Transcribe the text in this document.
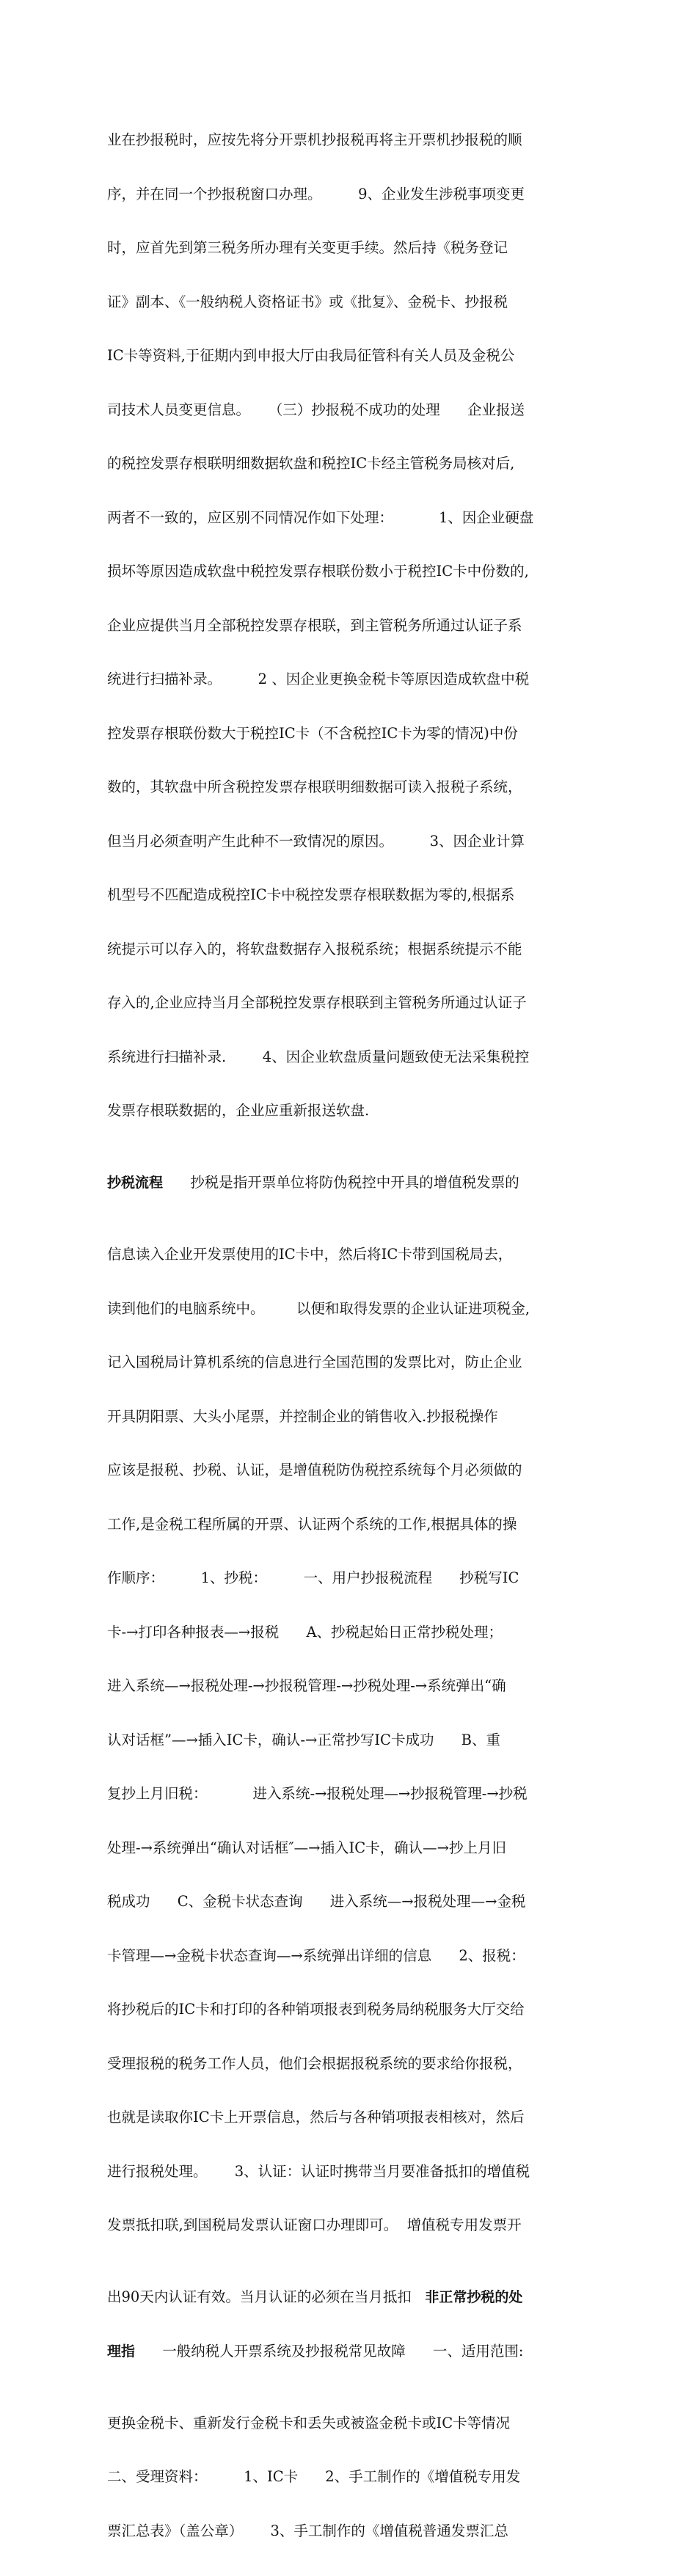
业在抄报税时，应按先将分开票机抄报税再将主开票机抄报税的顺

序，并在同一个抄报税窗口办理。        9、企业发生涉税事项变更

时，应首先到第三税务所办理有关变更手续。然后持《税务登记

证》副本、《一般纳税人资格证书》或《批复》、金税卡、抄报税

IC卡等资料,于征期内到申报大厅由我局征管科有关人员及金税公

司技术人员变更信息。    （三）抄报税不成功的处理      企业报送

的税控发票存根联明细数据软盘和税控IC卡经主管税务局核对后,

两者不一致的，应区别不同情况作如下处理：          1、因企业硬盘

损坏等原因造成软盘中税控发票存根联份数小于税控IC卡中份数的,

企业应提供当月全部税控发票存根联，到主管税务所通过认证子系

统进行扫描补录。        2 、因企业更换金税卡等原因造成软盘中税

控发票存根联份数大于税控IC卡（不含税控IC卡为零的情况)中份

数的，其软盘中所含税控发票存根联明细数据可读入报税子系统，

但当月必须查明产生此种不一致情况的原因。        3、因企业计算

机型号不匹配造成税控IC卡中税控发票存根联数据为零的,根据系

统提示可以存入的，将软盘数据存入报税系统；根据系统提示不能

存入的,企业应持当月全部税控发票存根联到主管税务所通过认证子

系统进行扫描补录.        4、因企业软盘质量问题致使无法采集税控

发票存根联数据的，企业应重新报送软盘.

抄税流程      抄税是指开票单位将防伪税控中开具的增值税发票的

信息读入企业开发票使用的IC卡中，然后将IC卡带到国税局去，

读到他们的电脑系统中。       以便和取得发票的企业认证进项税金,

记入国税局计算机系统的信息进行全国范围的发票比对，防止企业

开具阴阳票、大头小尾票，并控制企业的销售收入.抄报税操作

应该是报税、抄税、认证，是增值税防伪税控系统每个月必须做的

工作,是金税工程所属的开票、认证两个系统的工作,根据具体的操

作顺序：        1、抄税：        一、用户抄报税流程      抄税写IC

卡-→打印各种报表—→报税      A、抄税起始日正常抄税处理；

进入系统—→报税处理-→抄报税管理-→抄税处理-→系统弹出“确

认对话框”—→插入IC卡，确认-→正常抄写IC卡成功      B、重

复抄上月旧税：          进入系统-→报税处理—→抄报税管理-→抄税

处理-→系统弹出“确认对话框″—→插入IC卡，确认—→抄上月旧

税成功      C、金税卡状态查询      进入系统—→报税处理—→金税

卡管理—→金税卡状态查询—→系统弹出详细的信息      2、报税：

将抄税后的IC卡和打印的各种销项报表到税务局纳税服务大厅交给

受理报税的税务工作人员，他们会根据报税系统的要求给你报税，

也就是读取你IC卡上开票信息，然后与各种销项报表相核对，然后

进行报税处理。      3、认证：认证时携带当月要准备抵扣的增值税

发票抵扣联,到国税局发票认证窗口办理即可。  增值税专用发票开

出90天内认证有效。当月认证的必须在当月抵扣   非正常抄税的处

理指      一般纳税人开票系统及抄报税常见故障      一、适用范围:

更换金税卡、重新发行金税卡和丢失或被盗金税卡或IC卡等情况

二、受理资料：        1、IC卡      2、手工制作的《增值税专用发

票汇总表》（盖公章）      3、手工制作的《增值税普通发票汇总
